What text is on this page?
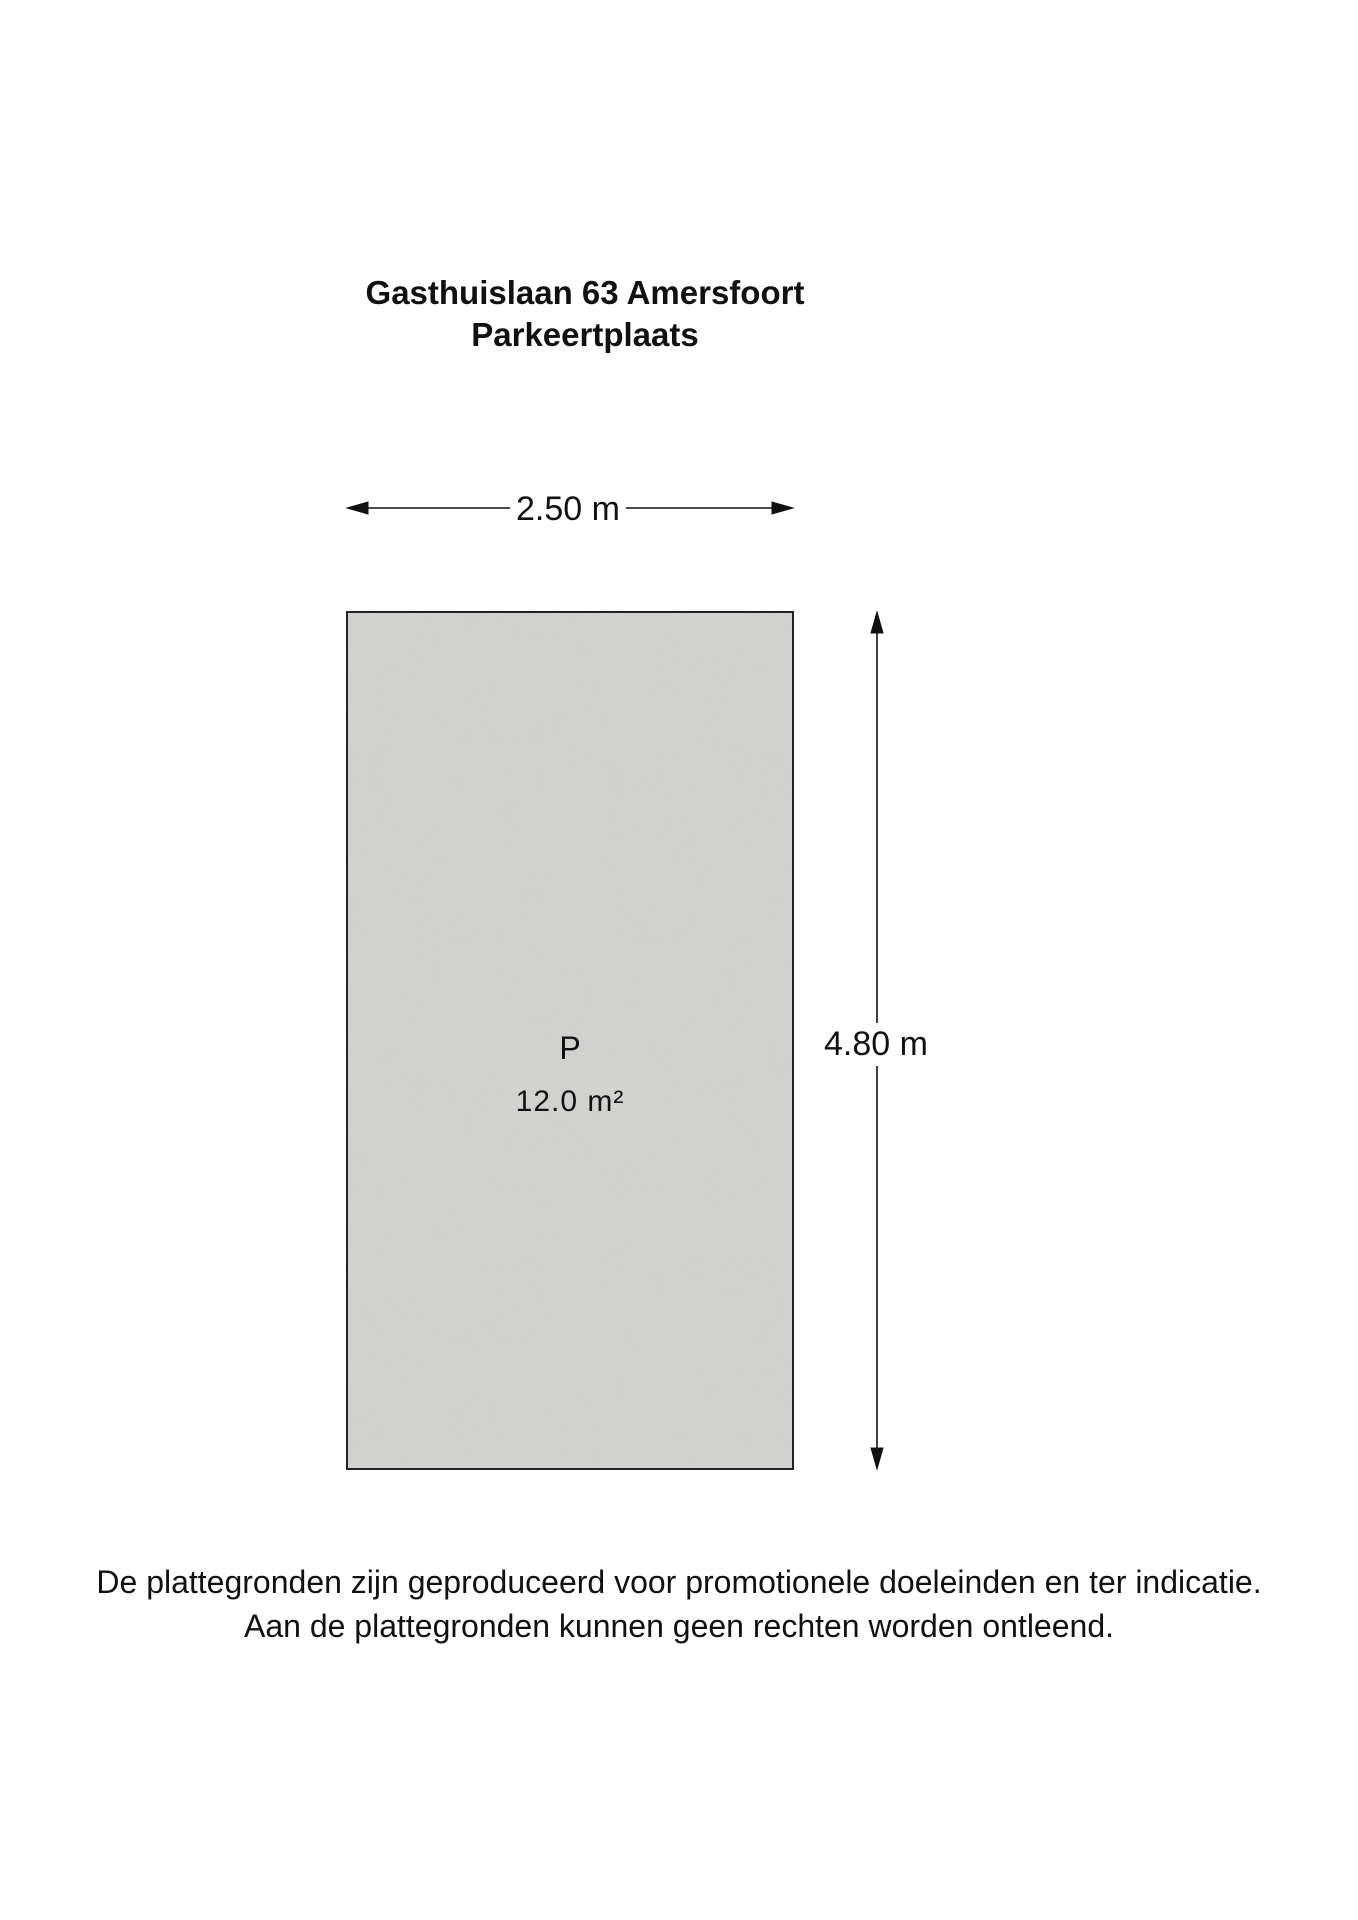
Gasthuislaan 63 Amersfoort
Parkeertplaats
2.50 m
4.80 m
P
12.0 m²
De plattegronden zijn geproduceerd voor promotionele doeleinden en ter indicatie.
Aan de plattegronden kunnen geen rechten worden ontleend.
